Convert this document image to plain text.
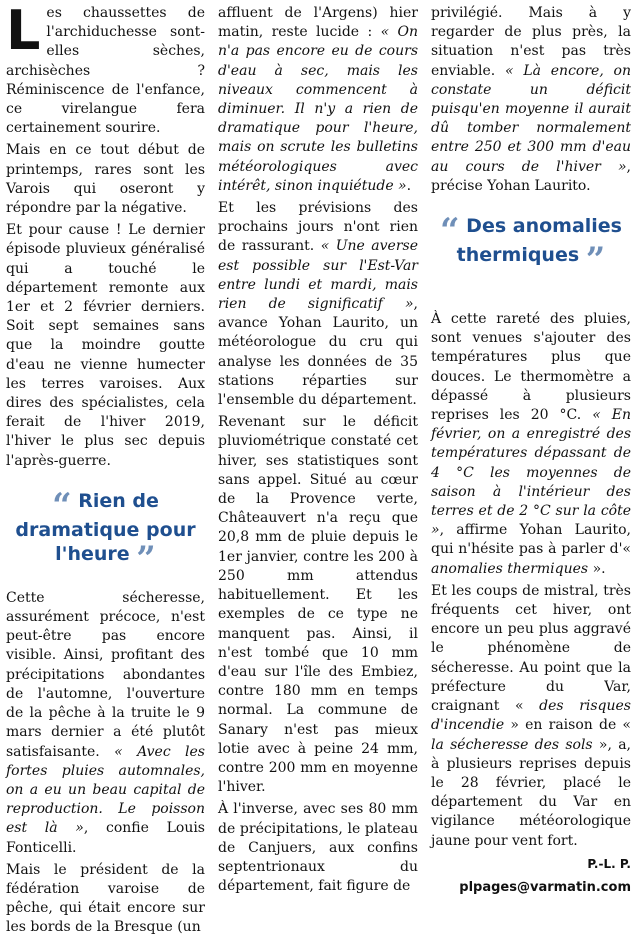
L es chaussettes de l'archiduchesse sont-elles sèches, archisèches ? Réminiscence de l'enfance, ce virelangue fera certainement sourire.

Mais en ce tout début de printemps, rares sont les Varois qui oseront y répondre par la négative.

Et pour cause ! Le dernier épisode pluvieux généralisé qui a touché le département remonte aux 1er et 2 février derniers. Soit sept semaines sans que la moindre goutte d'eau ne vienne humecter les terres varoises. Aux dires des spécialistes, cela ferait de l'hiver 2019, l'hiver le plus sec depuis l'après-guerre.

“ Rien de dramatique pour l'heure ”

Cette sécheresse, assurément précoce, n'est peut-être pas encore visible. Ainsi, profitant des précipitations abondantes de l'automne, l'ouverture de la pêche à la truite le 9 mars dernier a été plutôt satisfaisante. « Avec les fortes pluies automnales, on a eu un beau capital de reproduction. Le poisson est là », confie Louis Fonticelli.

Mais le président de la fédération varoise de pêche, qui était encore sur les bords de la Bresque (un

affluent de l'Argens) hier matin, reste lucide : « On n'a pas encore eu de cours d'eau à sec, mais les niveaux commencent à diminuer. Il n'y a rien de dramatique pour l'heure, mais on scrute les bulletins météorologiques avec intérêt, sinon inquiétude ».

Et les prévisions des prochains jours n'ont rien de rassurant. « Une averse est possible sur l'Est-Var entre lundi et mardi, mais rien de significatif », avance Yohan Laurito, un météorologue du cru qui analyse les données de 35 stations réparties sur l'ensemble du département.

Revenant sur le déficit pluviométrique constaté cet hiver, ses statistiques sont sans appel. Situé au cœur de la Provence verte, Châteauvert n'a reçu que 20,8 mm de pluie depuis le 1er janvier, contre les 200 à 250 mm attendus habituellement. Et les exemples de ce type ne manquent pas. Ainsi, il n'est tombé que 10 mm d'eau sur l'île des Embiez, contre 180 mm en temps normal. La commune de Sanary n'est pas mieux lotie avec à peine 24 mm, contre 200 mm en moyenne l'hiver.

À l'inverse, avec ses 80 mm de précipitations, le plateau de Canjuers, aux confins septentrionaux du département, fait figure de

privilégié. Mais à y regarder de plus près, la situation n'est pas très enviable. « Là encore, on constate un déficit puisqu'en moyenne il aurait dû tomber normalement entre 250 et 300 mm d'eau au cours de l'hiver », précise Yohan Laurito.

“ Des anomalies thermiques ”

À cette rareté des pluies, sont venues s'ajouter des températures plus que douces. Le thermomètre a dépassé à plusieurs reprises les 20 °C. « En février, on a enregistré des températures dépassant de 4 °C les moyennes de saison à l'intérieur des terres et de 2 °C sur la côte », affirme Yohan Laurito, qui n'hésite pas à parler d'« anomalies thermiques ».

Et les coups de mistral, très fréquents cet hiver, ont encore un peu plus aggravé le phénomène de sécheresse. Au point que la préfecture du Var, craignant « des risques d'incendie » en raison de « la sécheresse des sols », a, à plusieurs reprises depuis le 28 février, placé le département du Var en vigilance météorologique jaune pour vent fort.

P.-L. P.
plpages@varmatin.com
